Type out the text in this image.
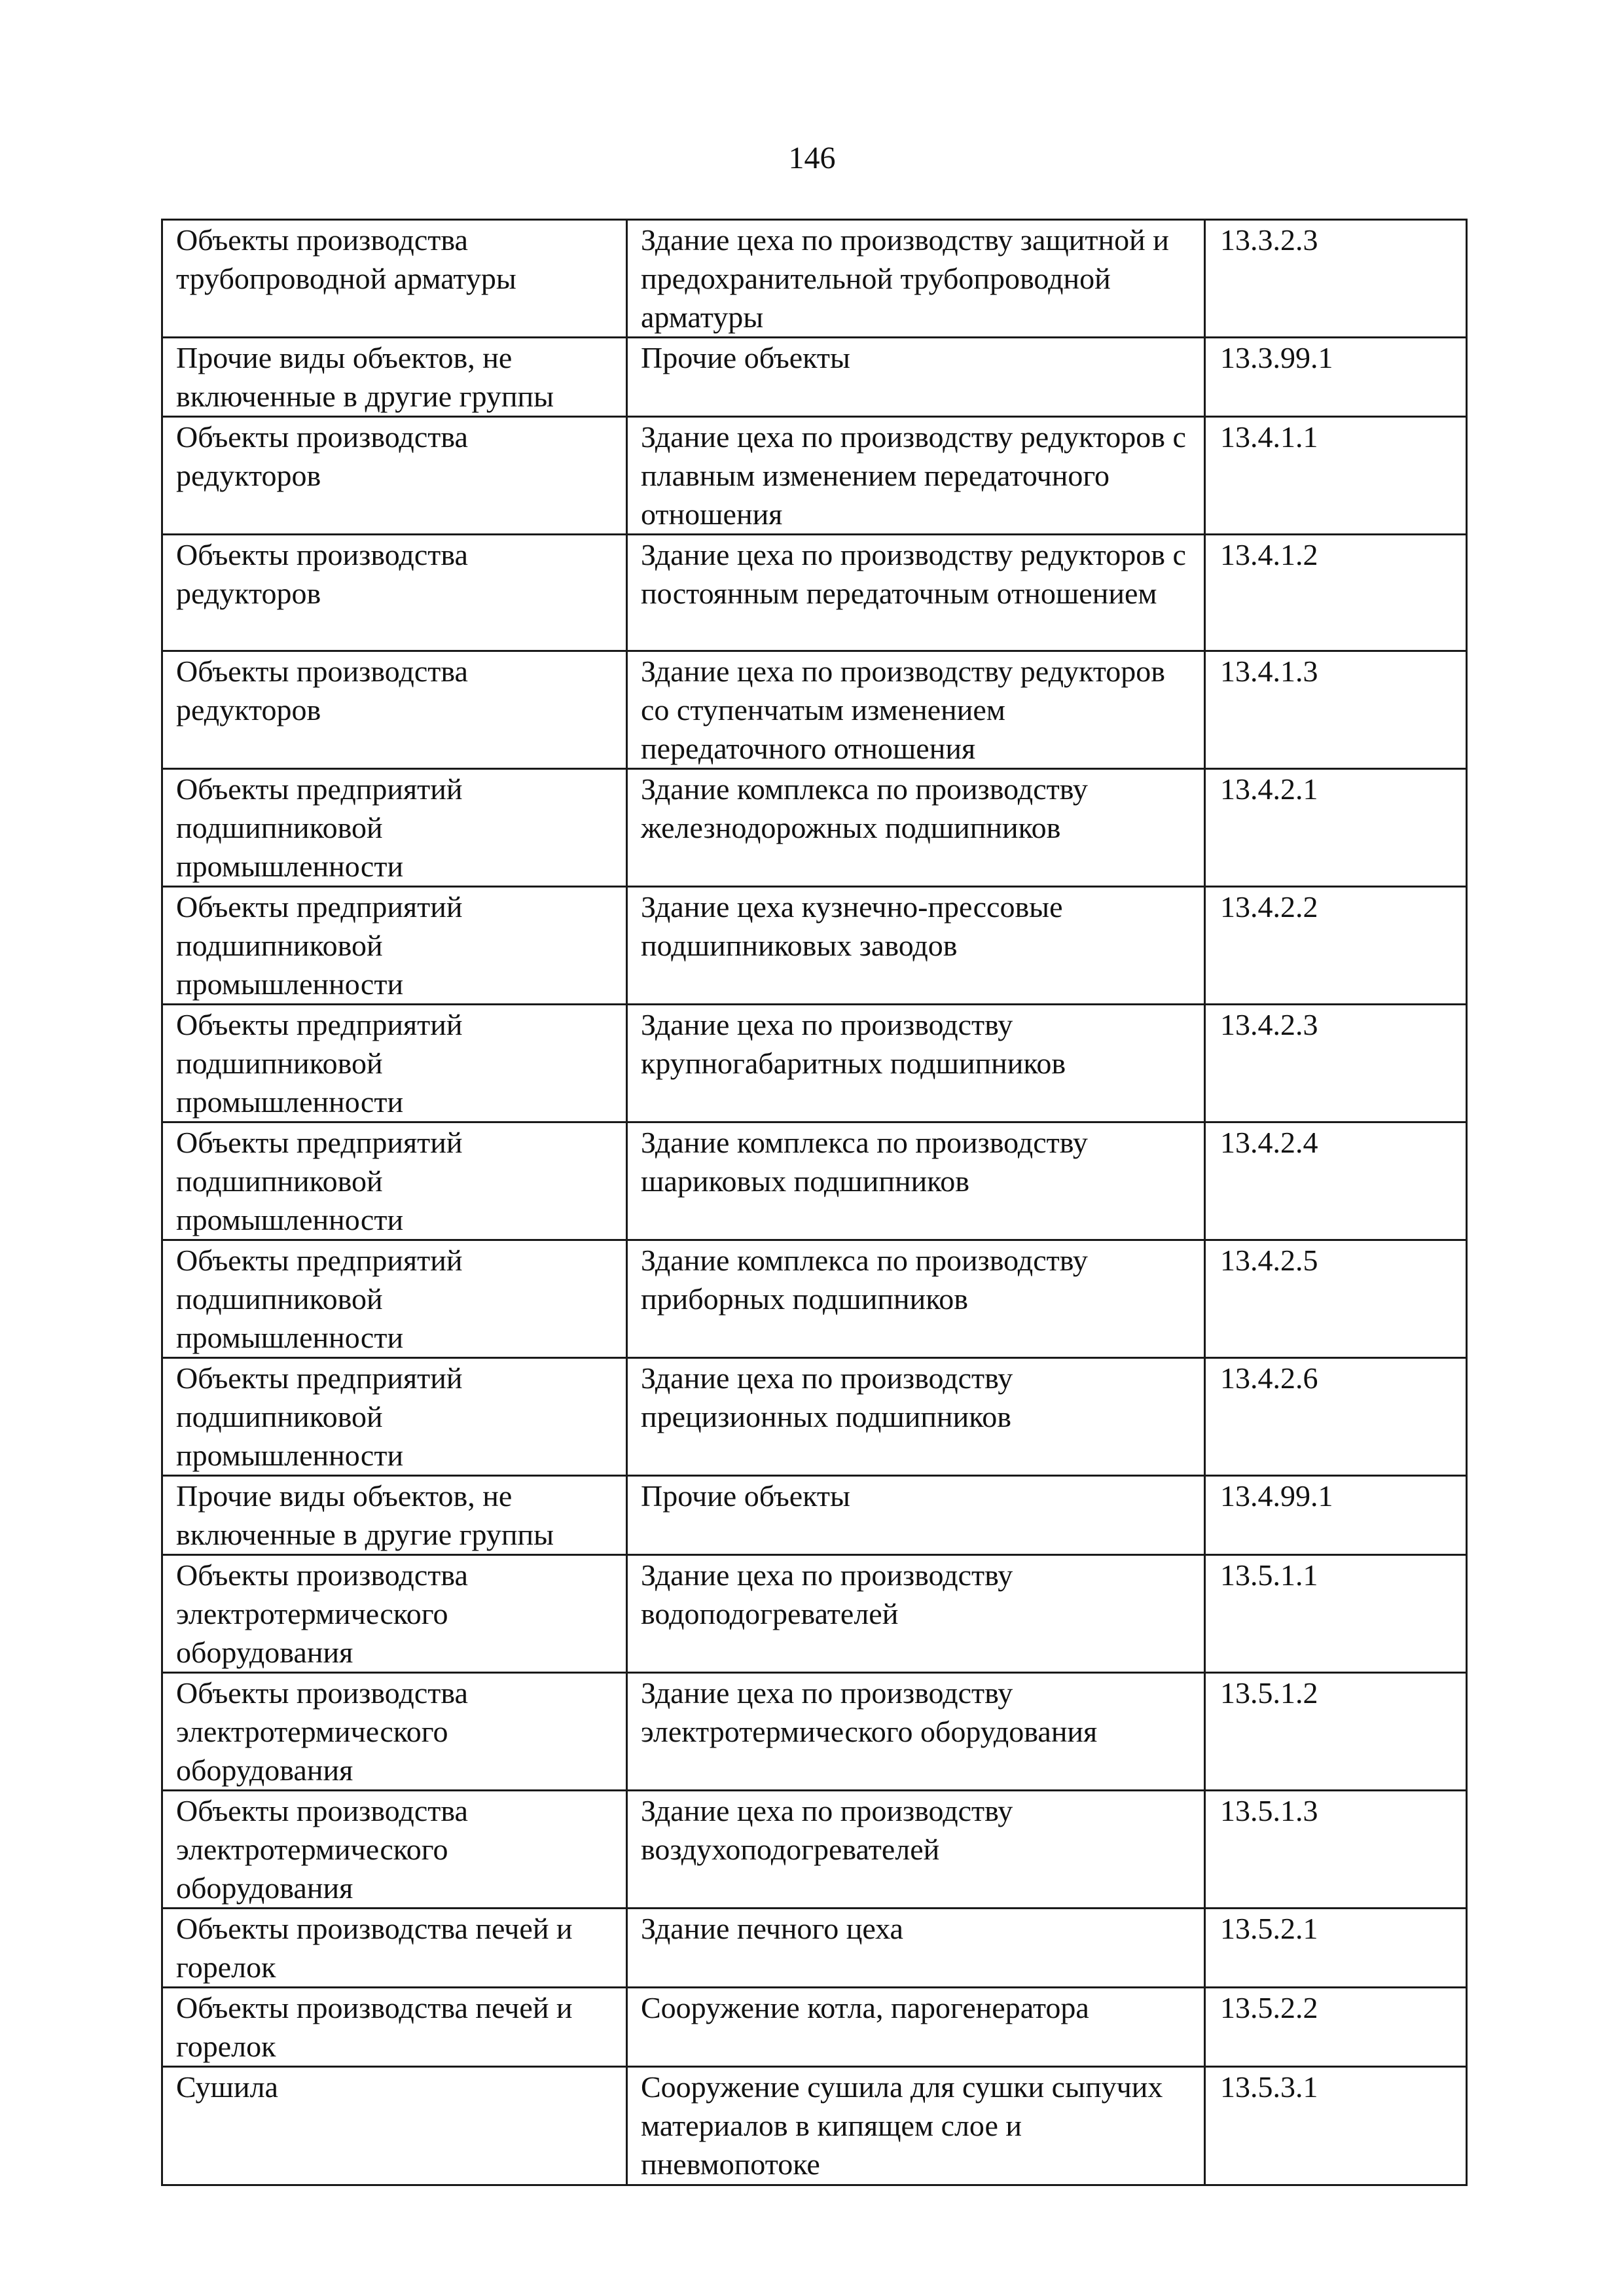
146
Объекты производства трубопроводной арматуры	Здание цеха по производству защитной и предохранительной трубопроводной арматуры	13.3.2.3
Прочие виды объектов, не включенные в другие группы	Прочие объекты	13.3.99.1
Объекты производства редукторов	Здание цеха по производству редукторов с плавным изменением передаточного отношения	13.4.1.1
Объекты производства редукторов	Здание цеха по производству редукторов с постоянным передаточным отношением	13.4.1.2
Объекты производства редукторов	Здание цеха по производству редукторов со ступенчатым изменением передаточного отношения	13.4.1.3
Объекты предприятий подшипниковой промышленности	Здание комплекса по производству железнодорожных подшипников	13.4.2.1
Объекты предприятий подшипниковой промышленности	Здание цеха кузнечно-прессовые подшипниковых заводов	13.4.2.2
Объекты предприятий подшипниковой промышленности	Здание цеха по производству крупногабаритных подшипников	13.4.2.3
Объекты предприятий подшипниковой промышленности	Здание комплекса по производству шариковых подшипников	13.4.2.4
Объекты предприятий подшипниковой промышленности	Здание комплекса по производству приборных подшипников	13.4.2.5
Объекты предприятий подшипниковой промышленности	Здание цеха по производству прецизионных подшипников	13.4.2.6
Прочие виды объектов, не включенные в другие группы	Прочие объекты	13.4.99.1
Объекты производства электротермического оборудования	Здание цеха по производству водоподогревателей	13.5.1.1
Объекты производства электротермического оборудования	Здание цеха по производству электротермического оборудования	13.5.1.2
Объекты производства электротермического оборудования	Здание цеха по производству воздухоподогревателей	13.5.1.3
Объекты производства печей и горелок	Здание печного цеха	13.5.2.1
Объекты производства печей и горелок	Сооружение котла, парогенератора	13.5.2.2
Сушила	Сооружение сушила для сушки сыпучих материалов в кипящем слое и пневмопотоке	13.5.3.1
